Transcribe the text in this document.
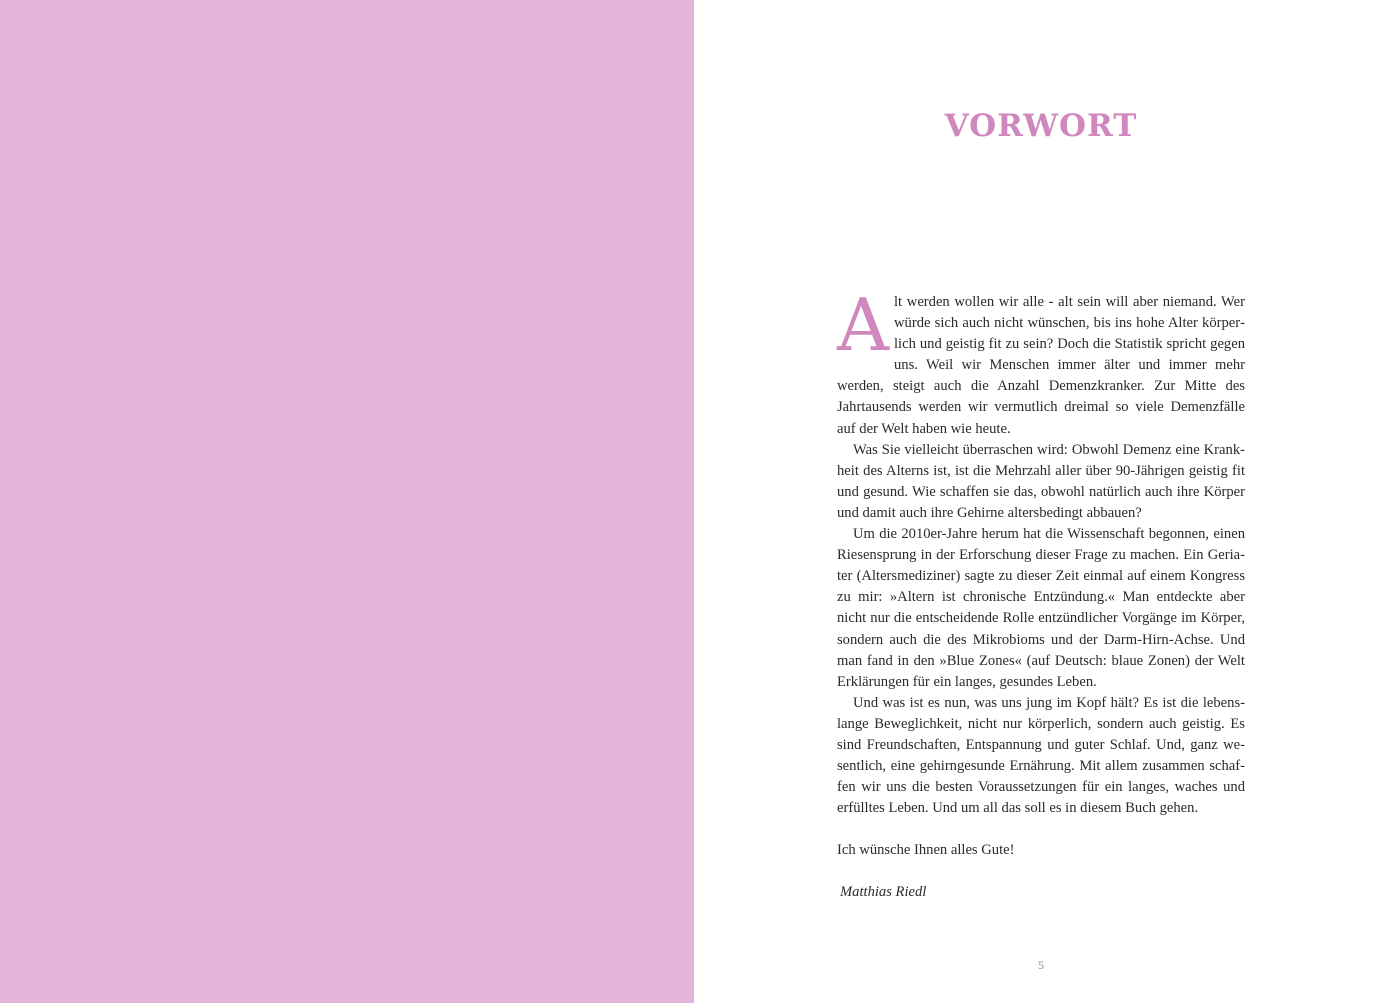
VORWORT

Alt werden wollen wir alle - alt sein will aber niemand. Wer würde sich auch nicht wünschen, bis ins hohe Alter körperlich und geistig fit zu sein? Doch die Statistik spricht gegen uns. Weil wir Menschen immer älter und immer mehr werden, steigt auch die Anzahl Demenzkranker. Zur Mitte des Jahrtausends werden wir vermutlich dreimal so viele Demenzfälle auf der Welt haben wie heute.

Was Sie vielleicht überraschen wird: Obwohl Demenz eine Krankheit des Alterns ist, ist die Mehrzahl aller über 90-Jährigen geistig fit und gesund. Wie schaffen sie das, obwohl natürlich auch ihre Körper und damit auch ihre Gehirne altersbedingt abbauen?

Um die 2010er-Jahre herum hat die Wissenschaft begonnen, einen Riesensprung in der Erforschung dieser Frage zu machen. Ein Geriater (Altersmediziner) sagte zu dieser Zeit einmal auf einem Kongress zu mir: »Altern ist chronische Entzündung.« Man entdeckte aber nicht nur die entscheidende Rolle entzündlicher Vorgänge im Körper, sondern auch die des Mikrobioms und der Darm-Hirn-Achse. Und man fand in den »Blue Zones« (auf Deutsch: blaue Zonen) der Welt Erklärungen für ein langes, gesundes Leben.

Und was ist es nun, was uns jung im Kopf hält? Es ist die lebenslange Beweglichkeit, nicht nur körperlich, sondern auch geistig. Es sind Freundschaften, Entspannung und guter Schlaf. Und, ganz wesentlich, eine gehirngesunde Ernährung. Mit allem zusammen schaffen wir uns die besten Voraussetzungen für ein langes, waches und erfülltes Leben. Und um all das soll es in diesem Buch gehen.

Ich wünsche Ihnen alles Gute!

Matthias Riedl

5
